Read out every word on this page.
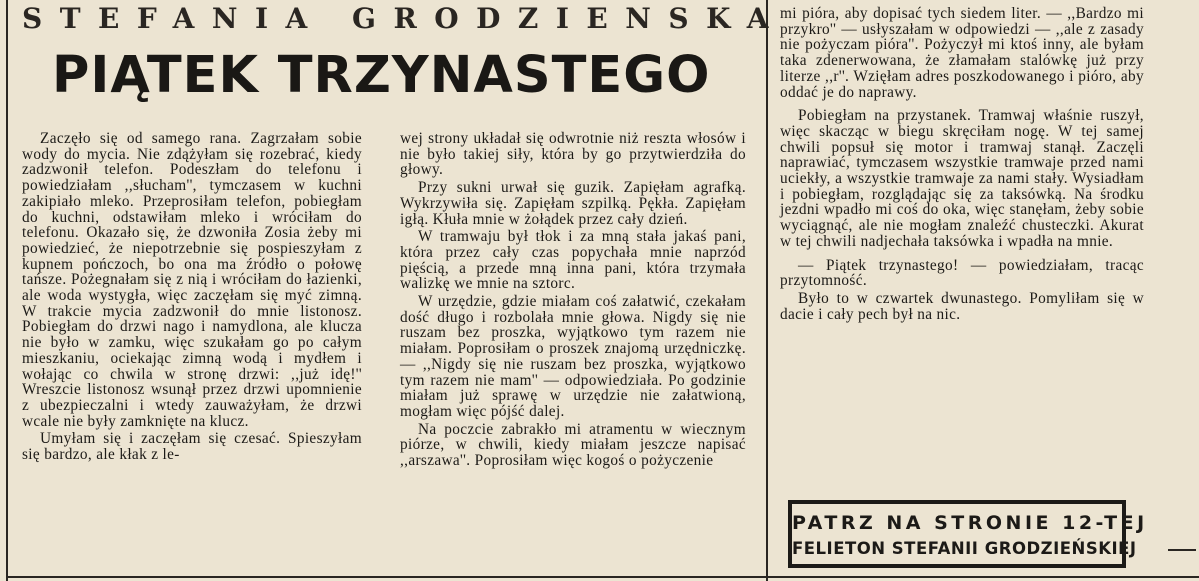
STEFANIA GRODZIENSKA
PIĄTEK TRZYNASTEGO

Zaczęło się od samego rana. Zagrzałam sobie wody do mycia. Nie zdążyłam się rozebrać, kiedy zadzwonił telefon. Podeszłam do telefonu i powiedziałam ,,słucham'', tymczasem w kuchni zakipiało mleko. Przeprosiłam telefon, pobiegłam do kuchni, odstawiłam mleko i wróciłam do telefonu. Okazało się, że dzwoniła Zosia żeby mi powiedzieć, że niepotrzebnie się pospieszyłam z kupnem pończoch, bo ona ma źródło o połowę tańsze. Pożegnałam się z nią i wróciłam do łazienki, ale woda wystygła, więc zaczęłam się myć zimną. W trakcie mycia zadzwonił do mnie listonosz. Pobiegłam do drzwi nago i namydlona, ale klucza nie było w zamku, więc szukałam go po całym mieszkaniu, ociekając zimną wodą i mydłem i wołając co chwila w stronę drzwi: ,,już idę!'' Wreszcie listonosz wsunął przez drzwi upomnienie z ubezpieczalni i wtedy zauważyłam, że drzwi wcale nie były zamknięte na klucz.

Umyłam się i zaczęłam się czesać. Spieszyłam się bardzo, ale kłak z le-

wej strony układał się odwrotnie niż reszta włosów i nie było takiej siły, która by go przytwierdziła do głowy.

Przy sukni urwał się guzik. Zapięłam agrafką. Wykrzywiła się. Zapięłam szpilką. Pękła. Zapięłam igłą. Kłuła mnie w żołądek przez cały dzień.

W tramwaju był tłok i za mną stała jakaś pani, która przez cały czas popychała mnie naprzód pięścią, a przede mną inna pani, która trzymała walizkę we mnie na sztorc.

W urzędzie, gdzie miałam coś załatwić, czekałam dość długo i rozbolała mnie głowa. Nigdy się nie ruszam bez proszka, wyjątkowo tym razem nie miałam. Poprosiłam o proszek znajomą urzędniczkę. — ,,Nigdy się nie ruszam bez proszka, wyjątkowo tym razem nie mam'' — odpowiedziała. Po godzinie miałam już sprawę w urzędzie nie załatwioną, mogłam więc pójść dalej.

Na poczcie zabrakło mi atramentu w wiecznym piórze, w chwili, kiedy miałam jeszcze napisać ,,arszawa''. Poprosiłam więc kogoś o pożyczenie

mi pióra, aby dopisać tych siedem liter. — ,,Bardzo mi przykro'' — usłyszałam w odpowiedzi — ,,ale z zasady nie pożyczam pióra''. Pożyczył mi ktoś inny, ale byłam taka zdenerwowana, że złamałam stalówkę już przy literze ,,r''. Wzięłam adres poszkodowanego i pióro, aby oddać je do naprawy.

Pobiegłam na przystanek. Tramwaj właśnie ruszył, więc skacząc w biegu skręciłam nogę. W tej samej chwili popsuł się motor i tramwaj stanął. Zaczęli naprawiać, tymczasem wszystkie tramwaje przed nami uciekły, a wszystkie tramwaje za nami stały. Wysiadłam i pobiegłam, rozglądając się za taksówką. Na środku jezdni wpadło mi coś do oka, więc stanęłam, żeby sobie wyciągnąć, ale nie mogłam znaleźć chusteczki. Akurat w tej chwili nadjechała taksówka i wpadła na mnie.

— Piątek trzynastego! — powiedziałam, tracąc przytomność.

Było to w czwartek dwunastego. Pomyliłam się w dacie i cały pech był na nic.

PATRZ NA STRONIE 12-TEJ
FELIETON STEFANII GRODZIEŃSKIEJ
